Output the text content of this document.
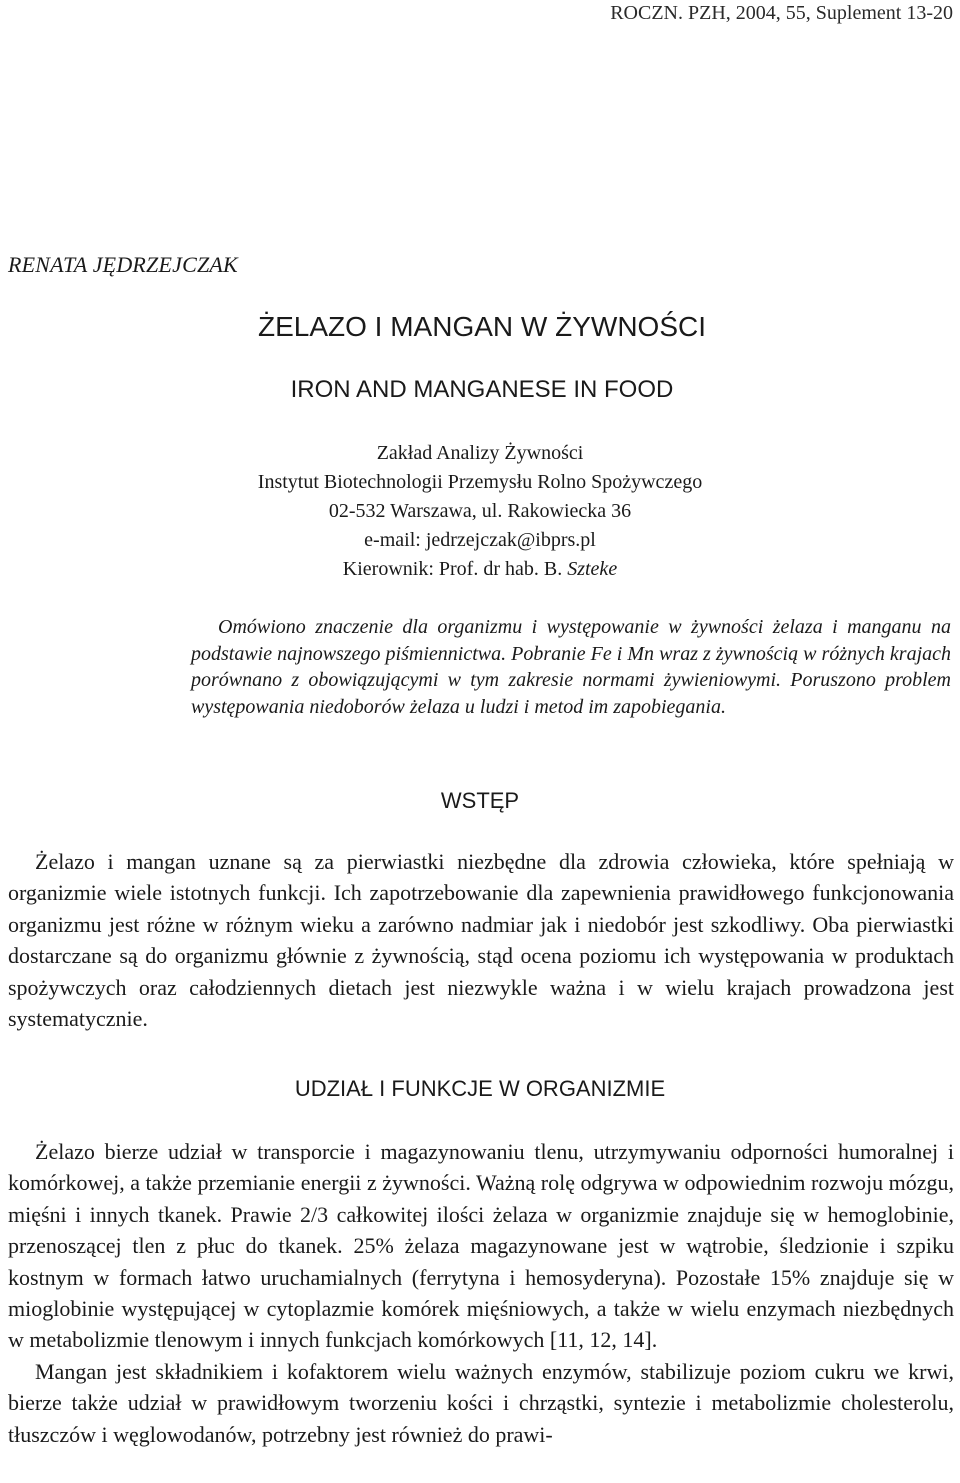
ROCZN. PZH, 2004, 55, Suplement 13-20
RENATA JĘDRZEJCZAK
ŻELAZO I MANGAN W ŻYWNOŚCI
IRON AND MANGANESE IN FOOD
Zakład Analizy Żywności
Instytut Biotechnologii Przemysłu Rolno Spożywczego
02-532 Warszawa, ul. Rakowiecka 36
e-mail: jedrzejczak@ibprs.pl
Kierownik: Prof. dr hab. B. Szteke
Omówiono znaczenie dla organizmu i występowanie w żywności żelaza i manganu na podstawie najnowszego piśmiennictwa. Pobranie Fe i Mn wraz z żywnością w różnych krajach porównano z obowiązującymi w tym zakresie normami żywieniowymi. Poruszono problem występowania niedoborów żelaza u ludzi i metod im zapobiegania.
WSTĘP
Żelazo i mangan uznane są za pierwiastki niezbędne dla zdrowia człowieka, które spełniają w organizmie wiele istotnych funkcji. Ich zapotrzebowanie dla zapewnienia prawidłowego funkcjonowania organizmu jest różne w różnym wieku a zarówno nadmiar jak i niedobór jest szkodliwy. Oba pierwiastki dostarczane są do organizmu głównie z żywnością, stąd ocena poziomu ich występowania w produktach spożywczych oraz całodziennych dietach jest niezwykle ważna i w wielu krajach prowadzona jest systematycznie.
UDZIAŁ I FUNKCJE W ORGANIZMIE
Żelazo bierze udział w transporcie i magazynowaniu tlenu, utrzymywaniu odporności humoralnej i komórkowej, a także przemianie energii z żywności. Ważną rolę odgrywa w odpowiednim rozwoju mózgu, mięśni i innych tkanek. Prawie 2/3 całkowitej ilości żelaza w organizmie znajduje się w hemoglobinie, przenoszącej tlen z płuc do tkanek. 25% żelaza magazynowane jest w wątrobie, śledzionie i szpiku kostnym w formach łatwo uruchamialnych (ferrytyna i hemosyderyna). Pozostałe 15% znajduje się w mioglobinie występującej w cytoplazmie komórek mięśniowych, a także w wielu enzymach niezbędnych w metabolizmie tlenowym i innych funkcjach komórkowych [11, 12, 14].
Mangan jest składnikiem i kofaktorem wielu ważnych enzymów, stabilizuje poziom cukru we krwi, bierze także udział w prawidłowym tworzeniu kości i chrząstki, syntezie i metabolizmie cholesterolu, tłuszczów i węglowodanów, potrzebny jest również do prawi-
